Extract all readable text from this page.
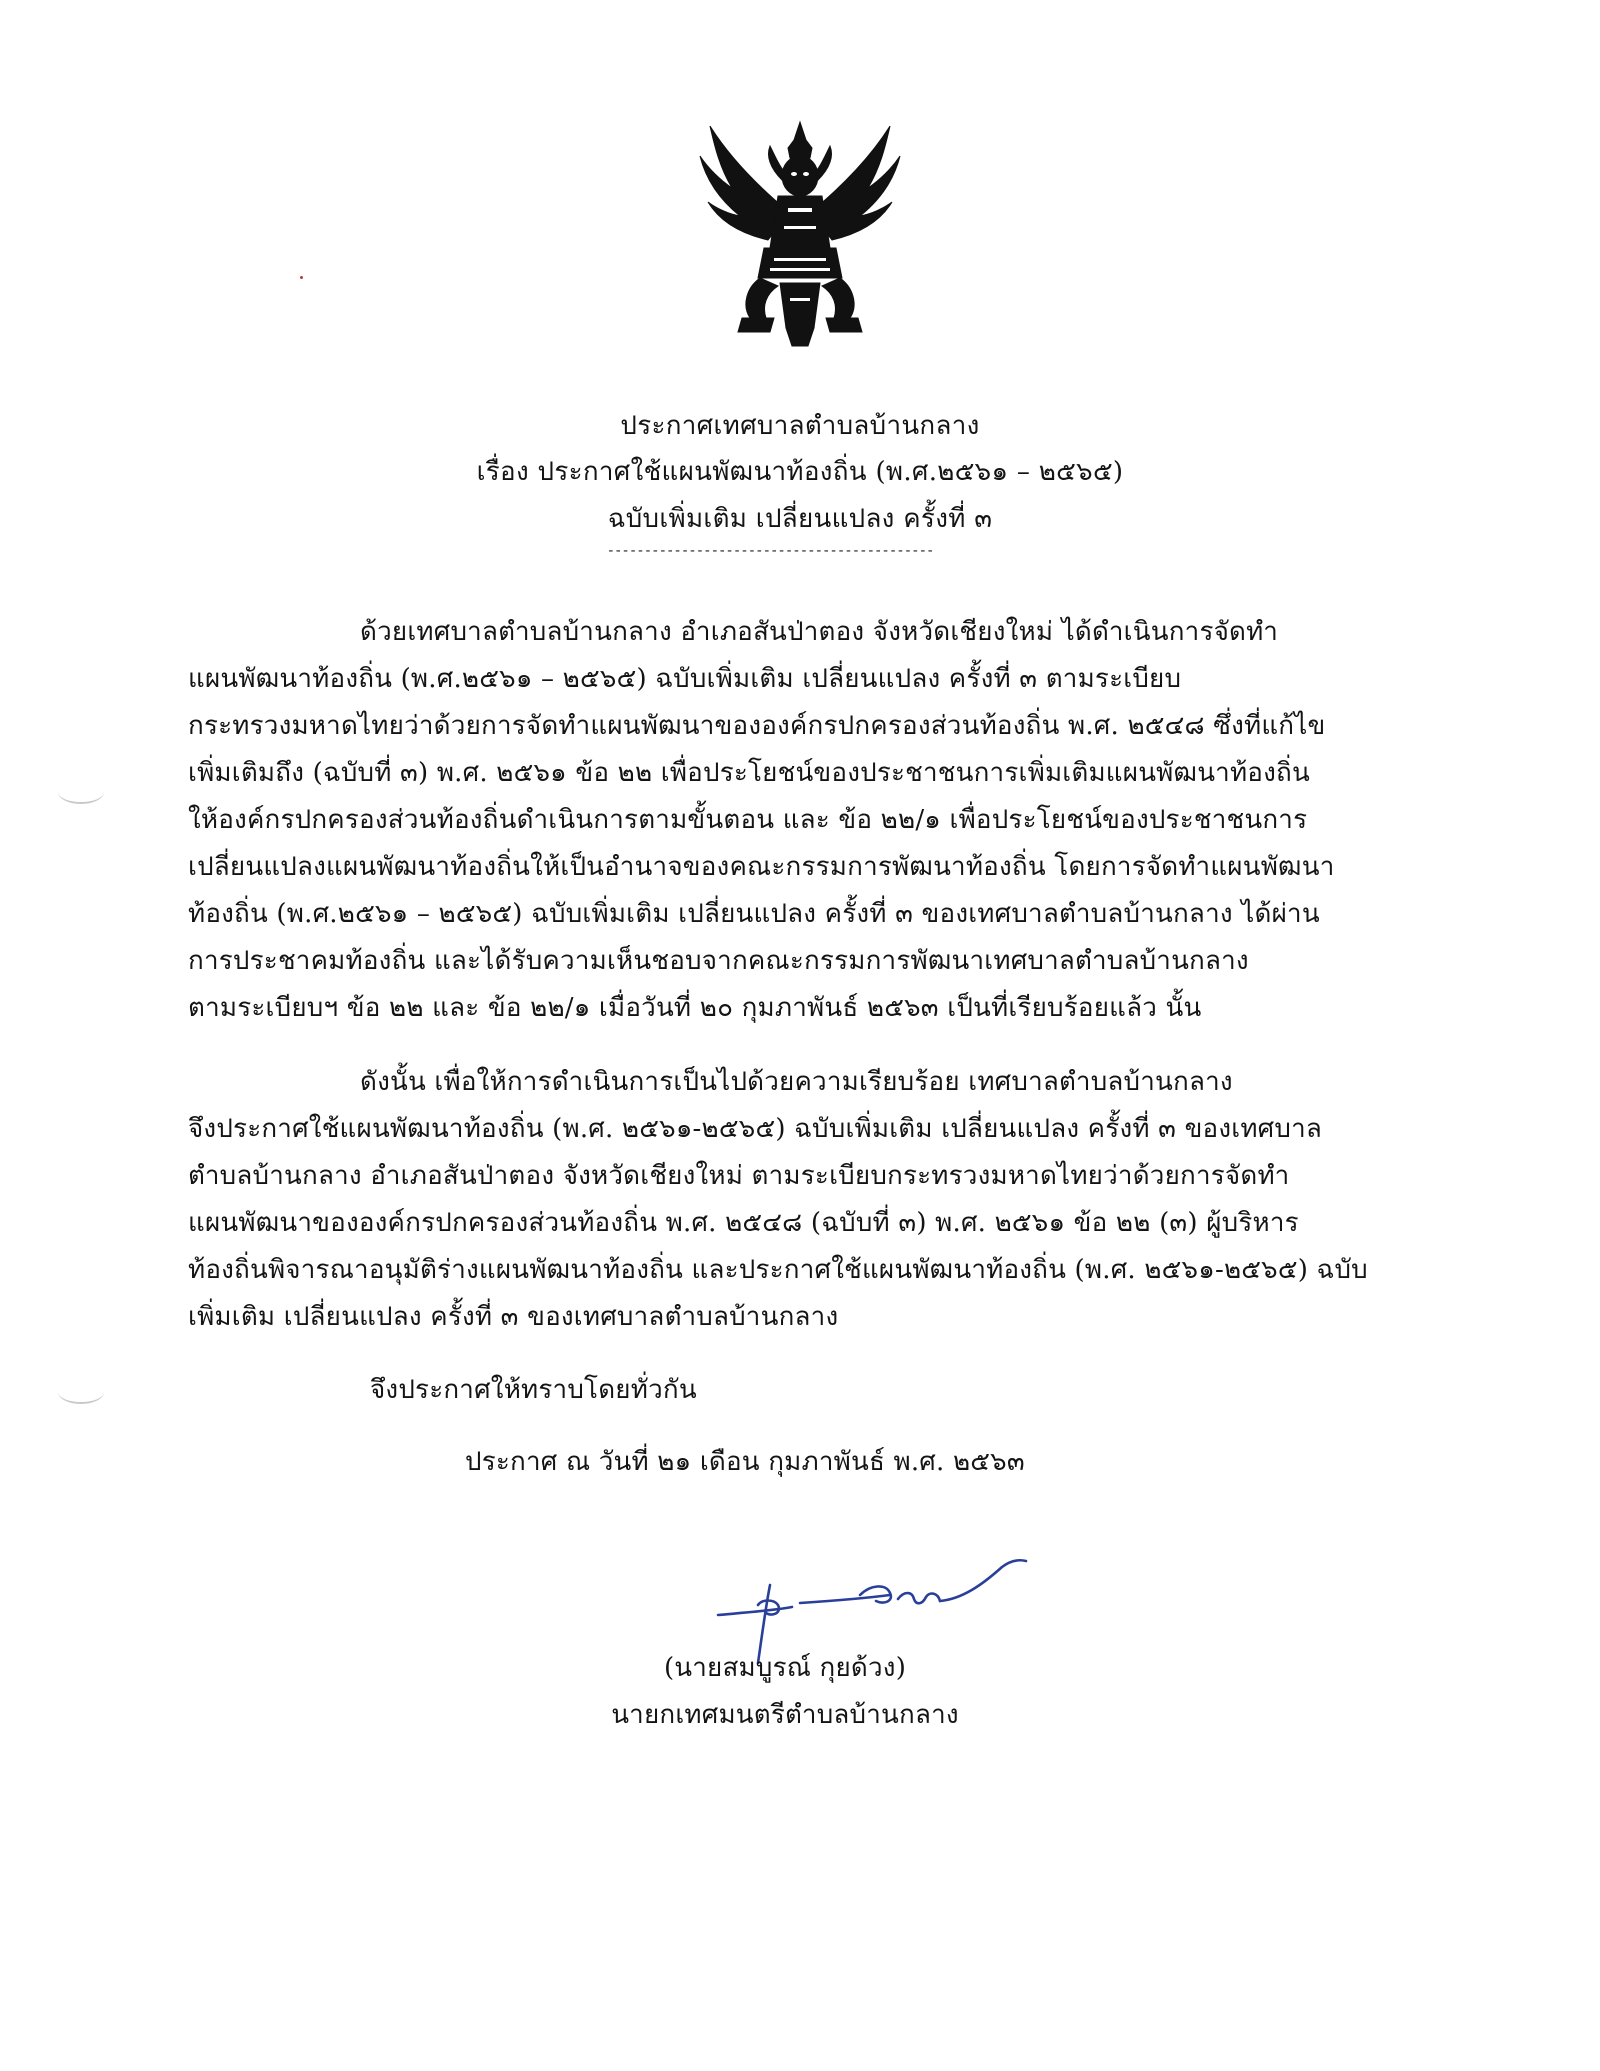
ประกาศเทศบาลตำบลบ้านกลาง
เรื่อง ประกาศใช้แผนพัฒนาท้องถิ่น (พ.ศ.๒๕๖๑ – ๒๕๖๕)
ฉบับเพิ่มเติม เปลี่ยนแปลง ครั้งที่ ๓
--------------------------------------------
ด้วยเทศบาลตำบลบ้านกลาง อำเภอสันป่าตอง จังหวัดเชียงใหม่ ได้ดำเนินการจัดทำ
แผนพัฒนาท้องถิ่น (พ.ศ.๒๕๖๑ – ๒๕๖๕) ฉบับเพิ่มเติม เปลี่ยนแปลง ครั้งที่ ๓ ตามระเบียบ
กระทรวงมหาดไทยว่าด้วยการจัดทำแผนพัฒนาขององค์กรปกครองส่วนท้องถิ่น พ.ศ. ๒๕๔๘ ซึ่งที่แก้ไข
เพิ่มเติมถึง (ฉบับที่ ๓) พ.ศ. ๒๕๖๑ ข้อ ๒๒ เพื่อประโยชน์ของประชาชนการเพิ่มเติมแผนพัฒนาท้องถิ่น
ให้องค์กรปกครองส่วนท้องถิ่นดำเนินการตามขั้นตอน และ ข้อ ๒๒/๑ เพื่อประโยชน์ของประชาชนการ
เปลี่ยนแปลงแผนพัฒนาท้องถิ่นให้เป็นอำนาจของคณะกรรมการพัฒนาท้องถิ่น โดยการจัดทำแผนพัฒนา
ท้องถิ่น (พ.ศ.๒๕๖๑ – ๒๕๖๕) ฉบับเพิ่มเติม เปลี่ยนแปลง ครั้งที่ ๓ ของเทศบาลตำบลบ้านกลาง ได้ผ่าน
การประชาคมท้องถิ่น และได้รับความเห็นชอบจากคณะกรรมการพัฒนาเทศบาลตำบลบ้านกลาง
ตามระเบียบฯ ข้อ ๒๒ และ ข้อ ๒๒/๑ เมื่อวันที่ ๒๐ กุมภาพันธ์ ๒๕๖๓ เป็นที่เรียบร้อยแล้ว นั้น
ดังนั้น เพื่อให้การดำเนินการเป็นไปด้วยความเรียบร้อย เทศบาลตำบลบ้านกลาง
จึงประกาศใช้แผนพัฒนาท้องถิ่น (พ.ศ. ๒๕๖๑-๒๕๖๕) ฉบับเพิ่มเติม เปลี่ยนแปลง ครั้งที่ ๓ ของเทศบาล
ตำบลบ้านกลาง อำเภอสันป่าตอง จังหวัดเชียงใหม่ ตามระเบียบกระทรวงมหาดไทยว่าด้วยการจัดทำ
แผนพัฒนาขององค์กรปกครองส่วนท้องถิ่น พ.ศ. ๒๕๔๘ (ฉบับที่ ๓) พ.ศ. ๒๕๖๑ ข้อ ๒๒ (๓) ผู้บริหาร
ท้องถิ่นพิจารณาอนุมัติร่างแผนพัฒนาท้องถิ่น และประกาศใช้แผนพัฒนาท้องถิ่น (พ.ศ. ๒๕๖๑-๒๕๖๕) ฉบับ
เพิ่มเติม เปลี่ยนแปลง ครั้งที่ ๓ ของเทศบาลตำบลบ้านกลาง
จึงประกาศให้ทราบโดยทั่วกัน
ประกาศ ณ วันที่ ๒๑ เดือน กุมภาพันธ์ พ.ศ. ๒๕๖๓
(นายสมบูรณ์ กุยด้วง)
นายกเทศมนตรีตำบลบ้านกลาง
